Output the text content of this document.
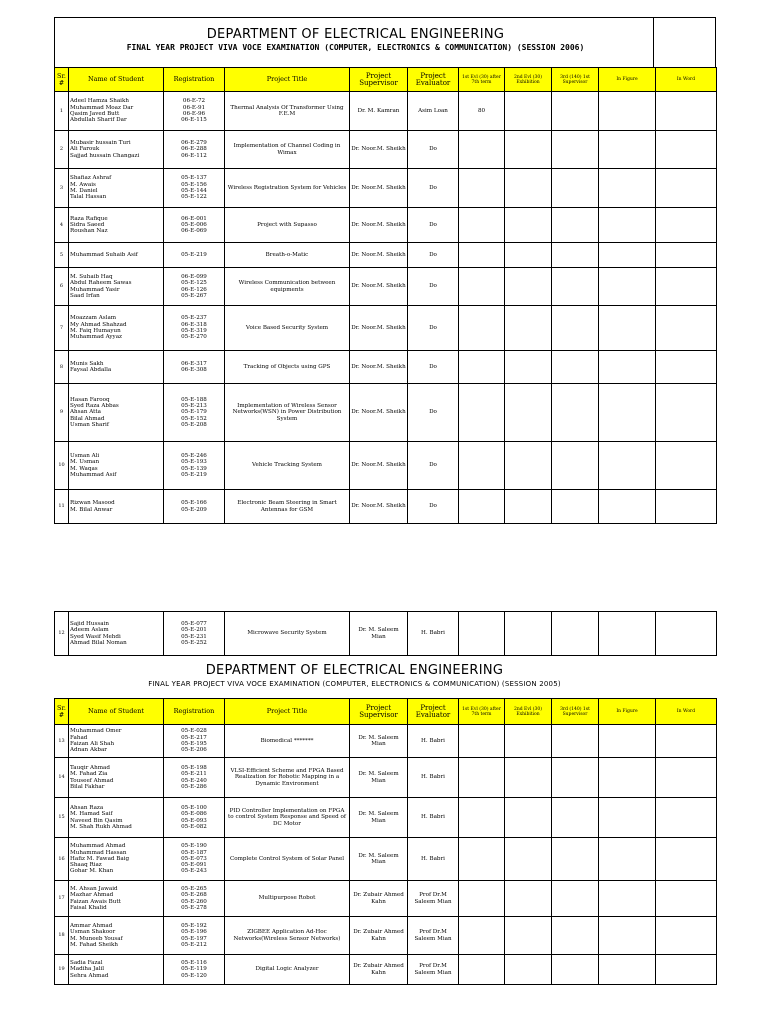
DEPARTMENT OF ELECTRICAL ENGINEERING
FINAL YEAR PROJECT VIVA VOCE EXAMINATION (COMPUTER, ELECTRONICS & COMMUNICATION) (SESSION 2006)
Sr. #	Name of Student	Registration	Project Title	Project Supervisor	Project Evaluator	1st Evl (30) after 7th term	2nd Evl (30) Exhibition	3rd (140) 1st Supervisor	In Figure	In Word
1	Adeel Hamza Shaikh
Muhammad Moaz Dar
Qasim Javed Butt
Abdullah Sharif Dar	06-E-72
06-E-91
06-E-96
06-E-115	Thermal Analysis Of Transformer Using F.E.M	Dr. M. Kamran	Asim Loan	80				
2	Mubasir hussain Turi
Ali Farouk
Sajjad hussain Changazi	06-E-279
06-E-288
06-E-112	Implementation of Channel Coding in Wimax	Dr. Noor.M. Sheikh	Do					
3	Shafiaz Ashraf
M. Awais
M. Daniel
Talal Hassan	05-E-137
05-E-156
05-E-144
05-E-122	Wireless Registration System for Vehicles	Dr. Noor.M. Sheikh	Do					
4	Raza Rafique
Sidra Saeed
Roushan Naz	06-E-001
05-E-006
06-E-069	Project with Supasso	Dr. Noor.M. Sheikh	Do					
5	Muhammad Suhaib Asif	05-E-219	Breath-o-Matic	Dr. Noor.M. Sheikh	Do					
6	M. Suhaib Haq
Abdul Raheem Sawas
Muhammad Yasir
Saad Irfan	06-E-099
05-E-125
06-E-126
05-E-267	Wireless Communication between equipments	Dr. Noor.M. Sheikh	Do					
7	Moazzam Aslam
My Ahmad Shahzad
M. Faiq Humayun
Muhammad Ayyaz	05-E-237
06-E-318
05-E-319
05-E-270	Voice Based Security System	Dr. Noor.M. Sheikh	Do					
8	Munis Sakh
Faysal Abdalla	06-E-317
06-E-308	Tracking of Objects using GPS	Dr. Noor.M. Sheikh	Do					
9	Hasan Farooq
Syed Raza Abbas
Ahsan Atta
Bilal Ahmad
Usman Sharif	05-E-188
05-E-213
05-E-179
05-E-152
05-E-208	Implementation of Wireless Sensor Networks(WSN) in Power Distribution System	Dr. Noor.M. Sheikh	Do					
10	Usman Ali
M. Usman
M. Waqas
Muhammad Asif	05-E-246
05-E-193
05-E-139
05-E-219	Vehicle Tracking System	Dr. Noor.M. Sheikh	Do					
11	Rizwan Masood
M. Bilal Anwar	05-E-166
05-E-209	Electronic Beam Steering in Smart Antennas for GSM	Dr. Noor.M. Sheikh	Do					
12	Sajid Hussain
Adeem Aslam
Syed Wasif Mehdi
Ahmad Bilal Noman	05-E-077
05-E-201
05-E-231
05-E-252	Microwave Security System	Dr. M. Saleem Mian	H. Babri					
DEPARTMENT OF ELECTRICAL ENGINEERING
FINAL YEAR PROJECT VIVA VOCE EXAMINATION (COMPUTER, ELECTRONICS & COMMUNICATION) (SESSION 2005)
Sr. #	Name of Student	Registration	Project Title	Project Supervisor	Project Evaluator	1st Evl (30) after 7th term	2nd Evl (30) Exhibition	3rd (140) 1st Supervisor	In Figure	In Word
13	Muhammad Omer
Fahad
Faizan Ali Shah
Adnan Akbar	05-E-028
05-E-217
05-E-195
05-E-206	Biomedical *******	Dr. M. Saleem Mian	H. Babri					
14	Tauqir Ahmad
M. Fahad Zia
Touseef Ahmad
Bilal Fakhar	05-E-198
05-E-211
05-E-240
05-E-286	VLSI-Efficient Scheme and FPGA Based Realization for Robotic Mapping in a Dynamic Environment	Dr. M. Saleem Mian	H. Babri					
15	Ahsan Raza
M. Hamad Saif
Naveed Bin Qasim
M. Shah Rukh Ahmad	05-E-100
05-E-086
05-E-093
05-E-082	PID Controller Implementation on FPGA to control System Response and Speed of DC Motor	Dr. M. Saleem Mian	H. Babri					
16	Muhammad Ahmad
Muhammad Hassan
Hafiz M. Fawad Baig
Shaaq Riaz
Gohar M. Khan	05-E-190
05-E-187
05-E-073
05-E-091
05-E-243	Complete Control System of Solar Panel	Dr. M. Saleem Mian	H. Babri					
17	M. Ahsan Jawaid
Mazhar Ahmad
Faizan Awais Butt
Faisal Khalid	05-E-265
05-E-268
05-E-260
05-E-278	Multipurpose Robot	Dr. Zubair Ahmed Kahn	Prof Dr.M Saleem Mian					
18	Ammar Ahmad
Usman Shakoor
M. Muneeb Yousaf
M. Fahad Sheikh	05-E-192
05-E-196
05-E-197
05-E-212	ZIGBEE Application Ad-Hoc Networks(Wireless Sensor Networks)	Dr. Zubair Ahmed Kahn	Prof Dr.M Saleem Mian					
19	Sadia Fazal
Madiha Jalil
Sehra Ahmad	05-E-116
05-E-119
05-E-120	Digital Logic Analyzer	Dr. Zubair Ahmed Kahn	Prof Dr.M Saleem Mian					
